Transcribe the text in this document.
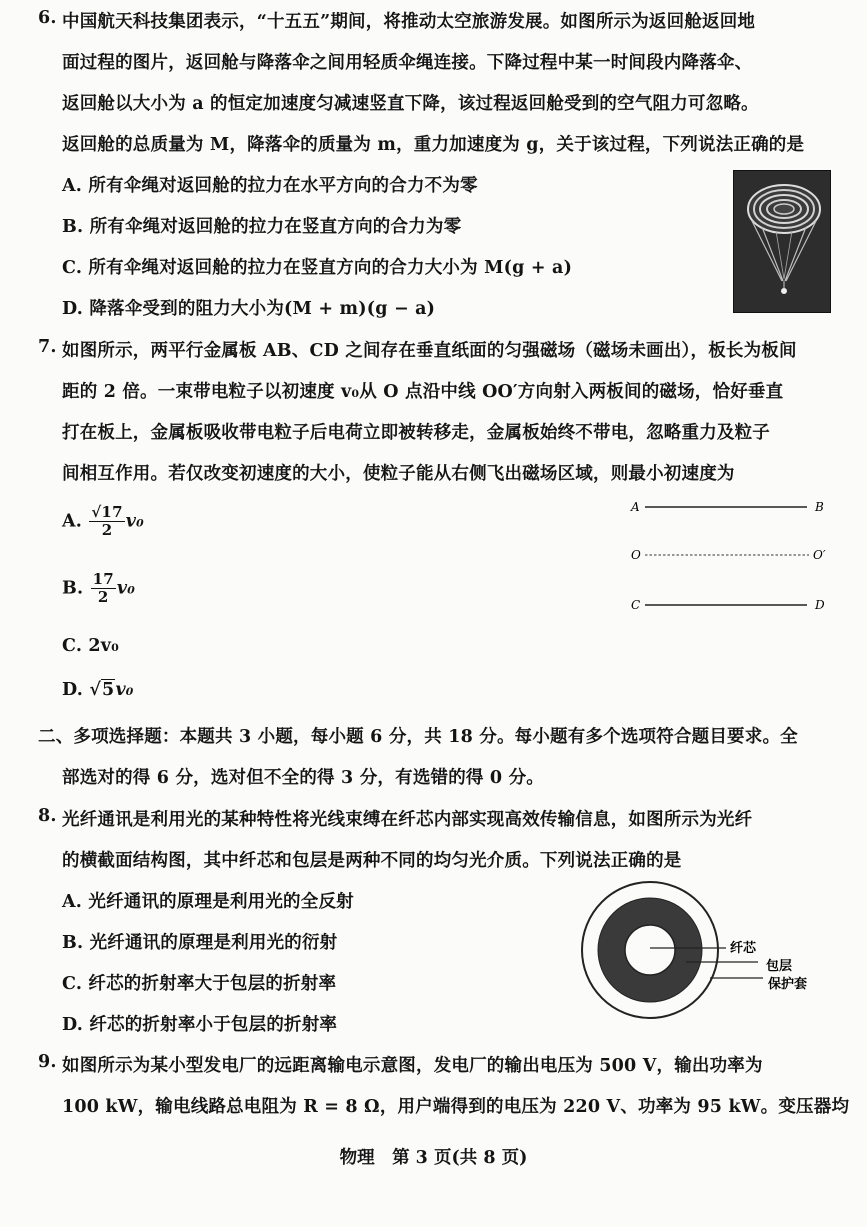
6. 中国航天科技集团表示，“十五五”期间，将推动太空旅游发展。如图所示为返回舱返回地
面过程的图片，返回舱与降落伞之间用轻质伞绳连接。下降过程中某一时间段内降落伞、
返回舱以大小为 a 的恒定加速度匀减速竖直下降，该过程返回舱受到的空气阻力可忽略。
返回舱的总质量为 M，降落伞的质量为 m，重力加速度为 g，关于该过程，下列说法正确的是
A. 所有伞绳对返回舱的拉力在水平方向的合力不为零
B. 所有伞绳对返回舱的拉力在竖直方向的合力为零
C. 所有伞绳对返回舱的拉力在竖直方向的合力大小为 M(g + a)
D. 降落伞受到的阻力大小为(M + m)(g − a)
7. 如图所示，两平行金属板 AB、CD 之间存在垂直纸面的匀强磁场（磁场未画出），板长为板间
距的 2 倍。一束带电粒子以初速度 v₀从 O 点沿中线 OO′方向射入两板间的磁场，恰好垂直
打在板上，金属板吸收带电粒子后电荷立即被转移走，金属板始终不带电，忽略重力及粒子
间相互作用。若仅改变初速度的大小，使粒子能从右侧飞出磁场区域，则最小初速度为
A. $\frac{√17}{2} v_0$
B. $\frac{17}{2} v_0$
C. 2v₀
D. √5v₀
A	B
O	O′
C	D
二、多项选择题：本题共 3 小题，每小题 6 分，共 18 分。每小题有多个选项符合题目要求。全
部选对的得 6 分，选对但不全的得 3 分，有选错的得 0 分。
8. 光纤通讯是利用光的某种特性将光线束缚在纤芯内部实现高效传输信息，如图所示为光纤
的横截面结构图，其中纤芯和包层是两种不同的均匀光介质。下列说法正确的是
A. 光纤通讯的原理是利用光的全反射
B. 光纤通讯的原理是利用光的衍射
C. 纤芯的折射率大于包层的折射率
D. 纤芯的折射率小于包层的折射率
纤芯
包层
保护套
9. 如图所示为某小型发电厂的远距离输电示意图，发电厂的输出电压为 500 V，输出功率为
100 kW，输电线路总电阻为 R = 8 Ω，用户端得到的电压为 220 V、功率为 95 kW。变压器均
物理　第 3 页(共 8 页)
